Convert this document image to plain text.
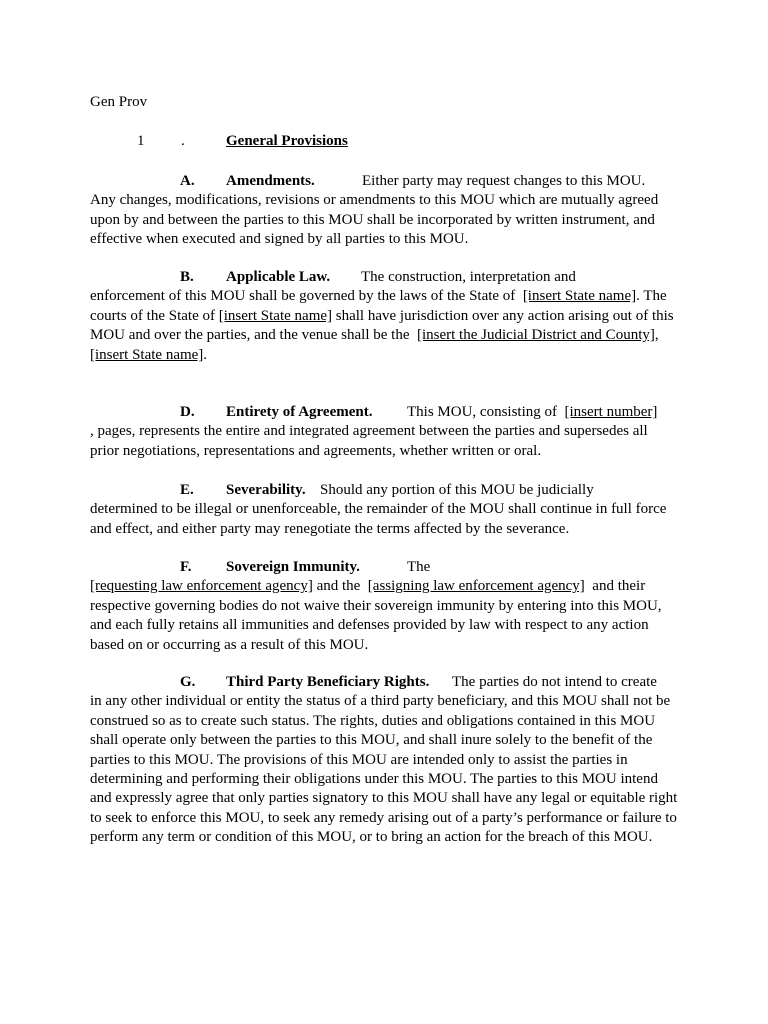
Gen Prov
1 .	General Provisions
A. Amendments.	Either party may request changes to this MOU.
Any changes, modifications, revisions or amendments to this MOU which are mutually agreed upon by and between the parties to this MOU shall be incorporated by written instrument, and effective when executed and signed by all parties to this MOU.
B. Applicable Law. The construction, interpretation and
enforcement of this MOU shall be governed by the laws of the State of [insert State name]. The courts of the State of [insert State name] shall have jurisdiction over any action arising out of this MOU and over the parties, and the venue shall be the [insert the Judicial District and County], [insert State name].
D. Entirety of Agreement. This MOU, consisting of [insert number]
, pages, represents the entire and integrated agreement between the parties and supersedes all prior negotiations, representations and agreements, whether written or oral.
E. Severability. Should any portion of this MOU be judicially
determined to be illegal or unenforceable, the remainder of the MOU shall continue in full force and effect, and either party may renegotiate the terms affected by the severance.
F. Sovereign Immunity.	The
[requesting law enforcement agency] and the [assigning law enforcement agency] and their respective governing bodies do not waive their sovereign immunity by entering into this MOU, and each fully retains all immunities and defenses provided by law with respect to any action based on or occurring as a result of this MOU.
G. Third Party Beneficiary Rights. The parties do not intend to create
in any other individual or entity the status of a third party beneficiary, and this MOU shall not be construed so as to create such status. The rights, duties and obligations contained in this MOU shall operate only between the parties to this MOU, and shall inure solely to the benefit of the parties to this MOU. The provisions of this MOU are intended only to assist the parties in determining and performing their obligations under this MOU. The parties to this MOU intend and expressly agree that only parties signatory to this MOU shall have any legal or equitable right to seek to enforce this MOU, to seek any remedy arising out of a party’s performance or failure to perform any term or condition of this MOU, or to bring an action for the breach of this MOU.
